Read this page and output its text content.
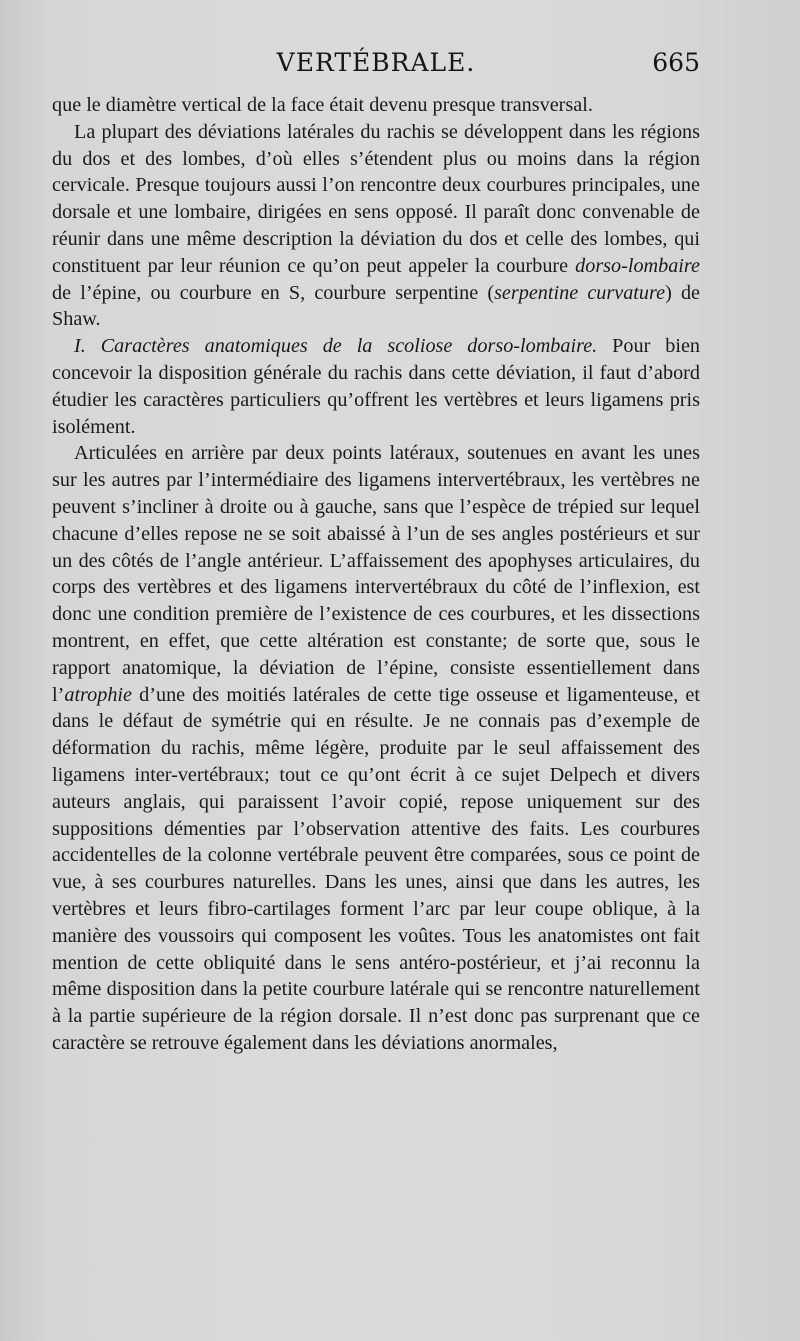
VERTÉBRALE.	665

que le diamètre vertical de la face était devenu presque transversal.

La plupart des déviations latérales du rachis se développent dans les régions du dos et des lombes, d’où elles s’étendent plus ou moins dans la région cervicale. Presque toujours aussi l’on rencontre deux courbures principales, une dorsale et une lombaire, dirigées en sens opposé. Il paraît donc convenable de réunir dans une même description la déviation du dos et celle des lombes, qui constituent par leur réunion ce qu’on peut appeler la courbure dorso-lombaire de l’épine, ou courbure en S, courbure serpentine (serpentine curvature) de Shaw.

I. Caractères anatomiques de la scoliose dorso-lombaire. Pour bien concevoir la disposition générale du rachis dans cette déviation, il faut d’abord étudier les caractères particuliers qu’offrent les vertèbres et leurs ligamens pris isolément.

Articulées en arrière par deux points latéraux, soutenues en avant les unes sur les autres par l’intermédiaire des ligamens intervertébraux, les vertèbres ne peuvent s’incliner à droite ou à gauche, sans que l’espèce de trépied sur lequel chacune d’elles repose ne se soit abaissé à l’un de ses angles postérieurs et sur un des côtés de l’angle antérieur. L’affaissement des apophyses articulaires, du corps des vertèbres et des ligamens intervertébraux du côté de l’inflexion, est donc une condition première de l’existence de ces courbures, et les dissections montrent, en effet, que cette altération est constante; de sorte que, sous le rapport anatomique, la déviation de l’épine, consiste essentiellement dans l’atrophie d’une des moitiés latérales de cette tige osseuse et ligamenteuse, et dans le défaut de symétrie qui en résulte. Je ne connais pas d’exemple de déformation du rachis, même légère, produite par le seul affaissement des ligamens inter-vertébraux; tout ce qu’ont écrit à ce sujet Delpech et divers auteurs anglais, qui paraissent l’avoir copié, repose uniquement sur des suppositions démenties par l’observation attentive des faits. Les courbures accidentelles de la colonne vertébrale peuvent être comparées, sous ce point de vue, à ses courbures naturelles. Dans les unes, ainsi que dans les autres, les vertèbres et leurs fibro-cartilages forment l’arc par leur coupe oblique, à la manière des voussoirs qui composent les voûtes. Tous les anatomistes ont fait mention de cette obliquité dans le sens antéro-postérieur, et j’ai reconnu la même disposition dans la petite courbure latérale qui se rencontre naturellement à la partie supérieure de la région dorsale. Il n’est donc pas surprenant que ce caractère se retrouve également dans les déviations anormales,
